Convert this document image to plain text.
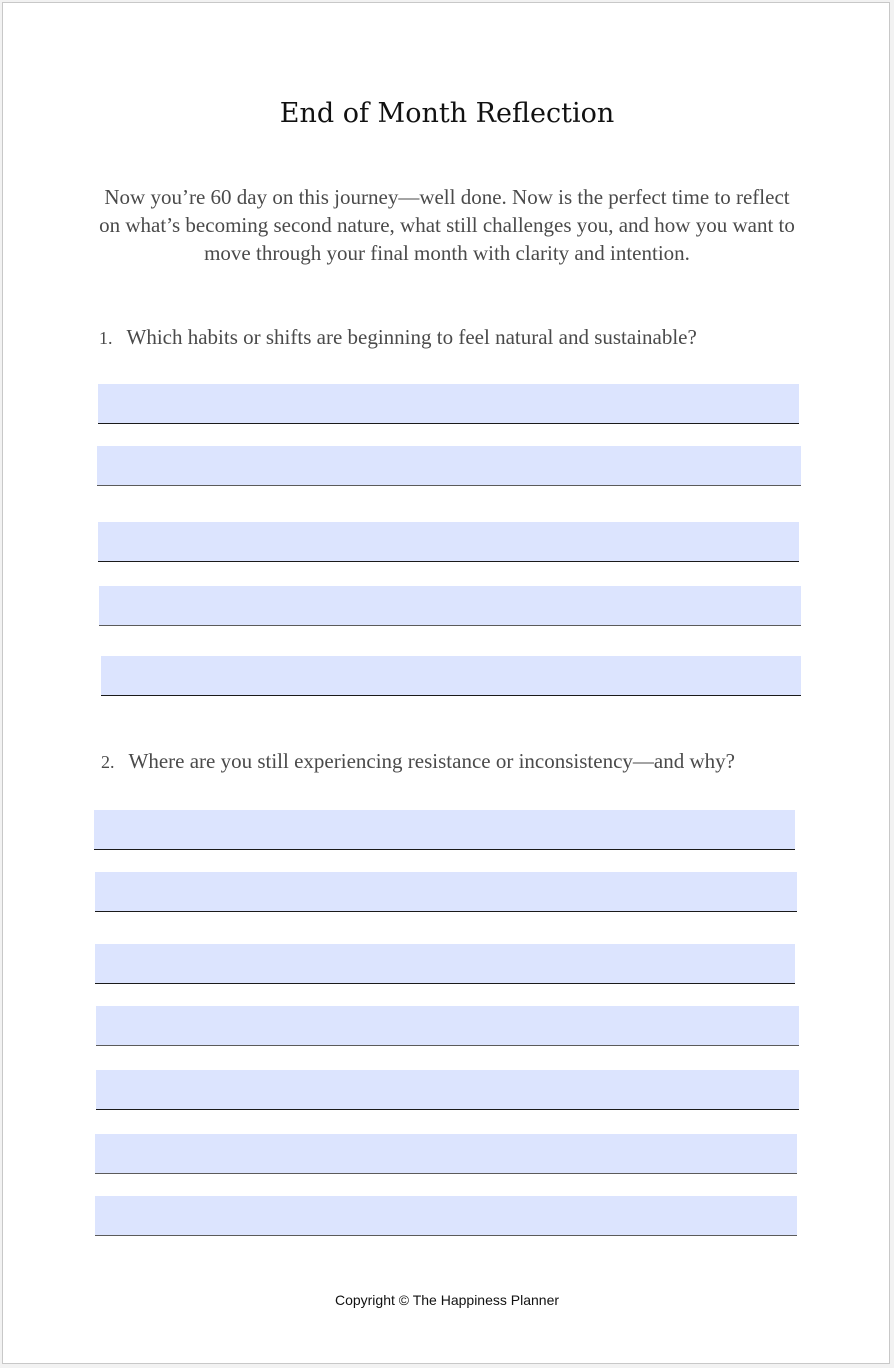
End of Month Reflection

Now you’re 60 day on this journey—well done. Now is the perfect time to reflect on what’s becoming second nature, what still challenges you, and how you want to move through your final month with clarity and intention.

1. Which habits or shifts are beginning to feel natural and sustainable?

2. Where are you still experiencing resistance or inconsistency—and why?

Copyright © The Happiness Planner
